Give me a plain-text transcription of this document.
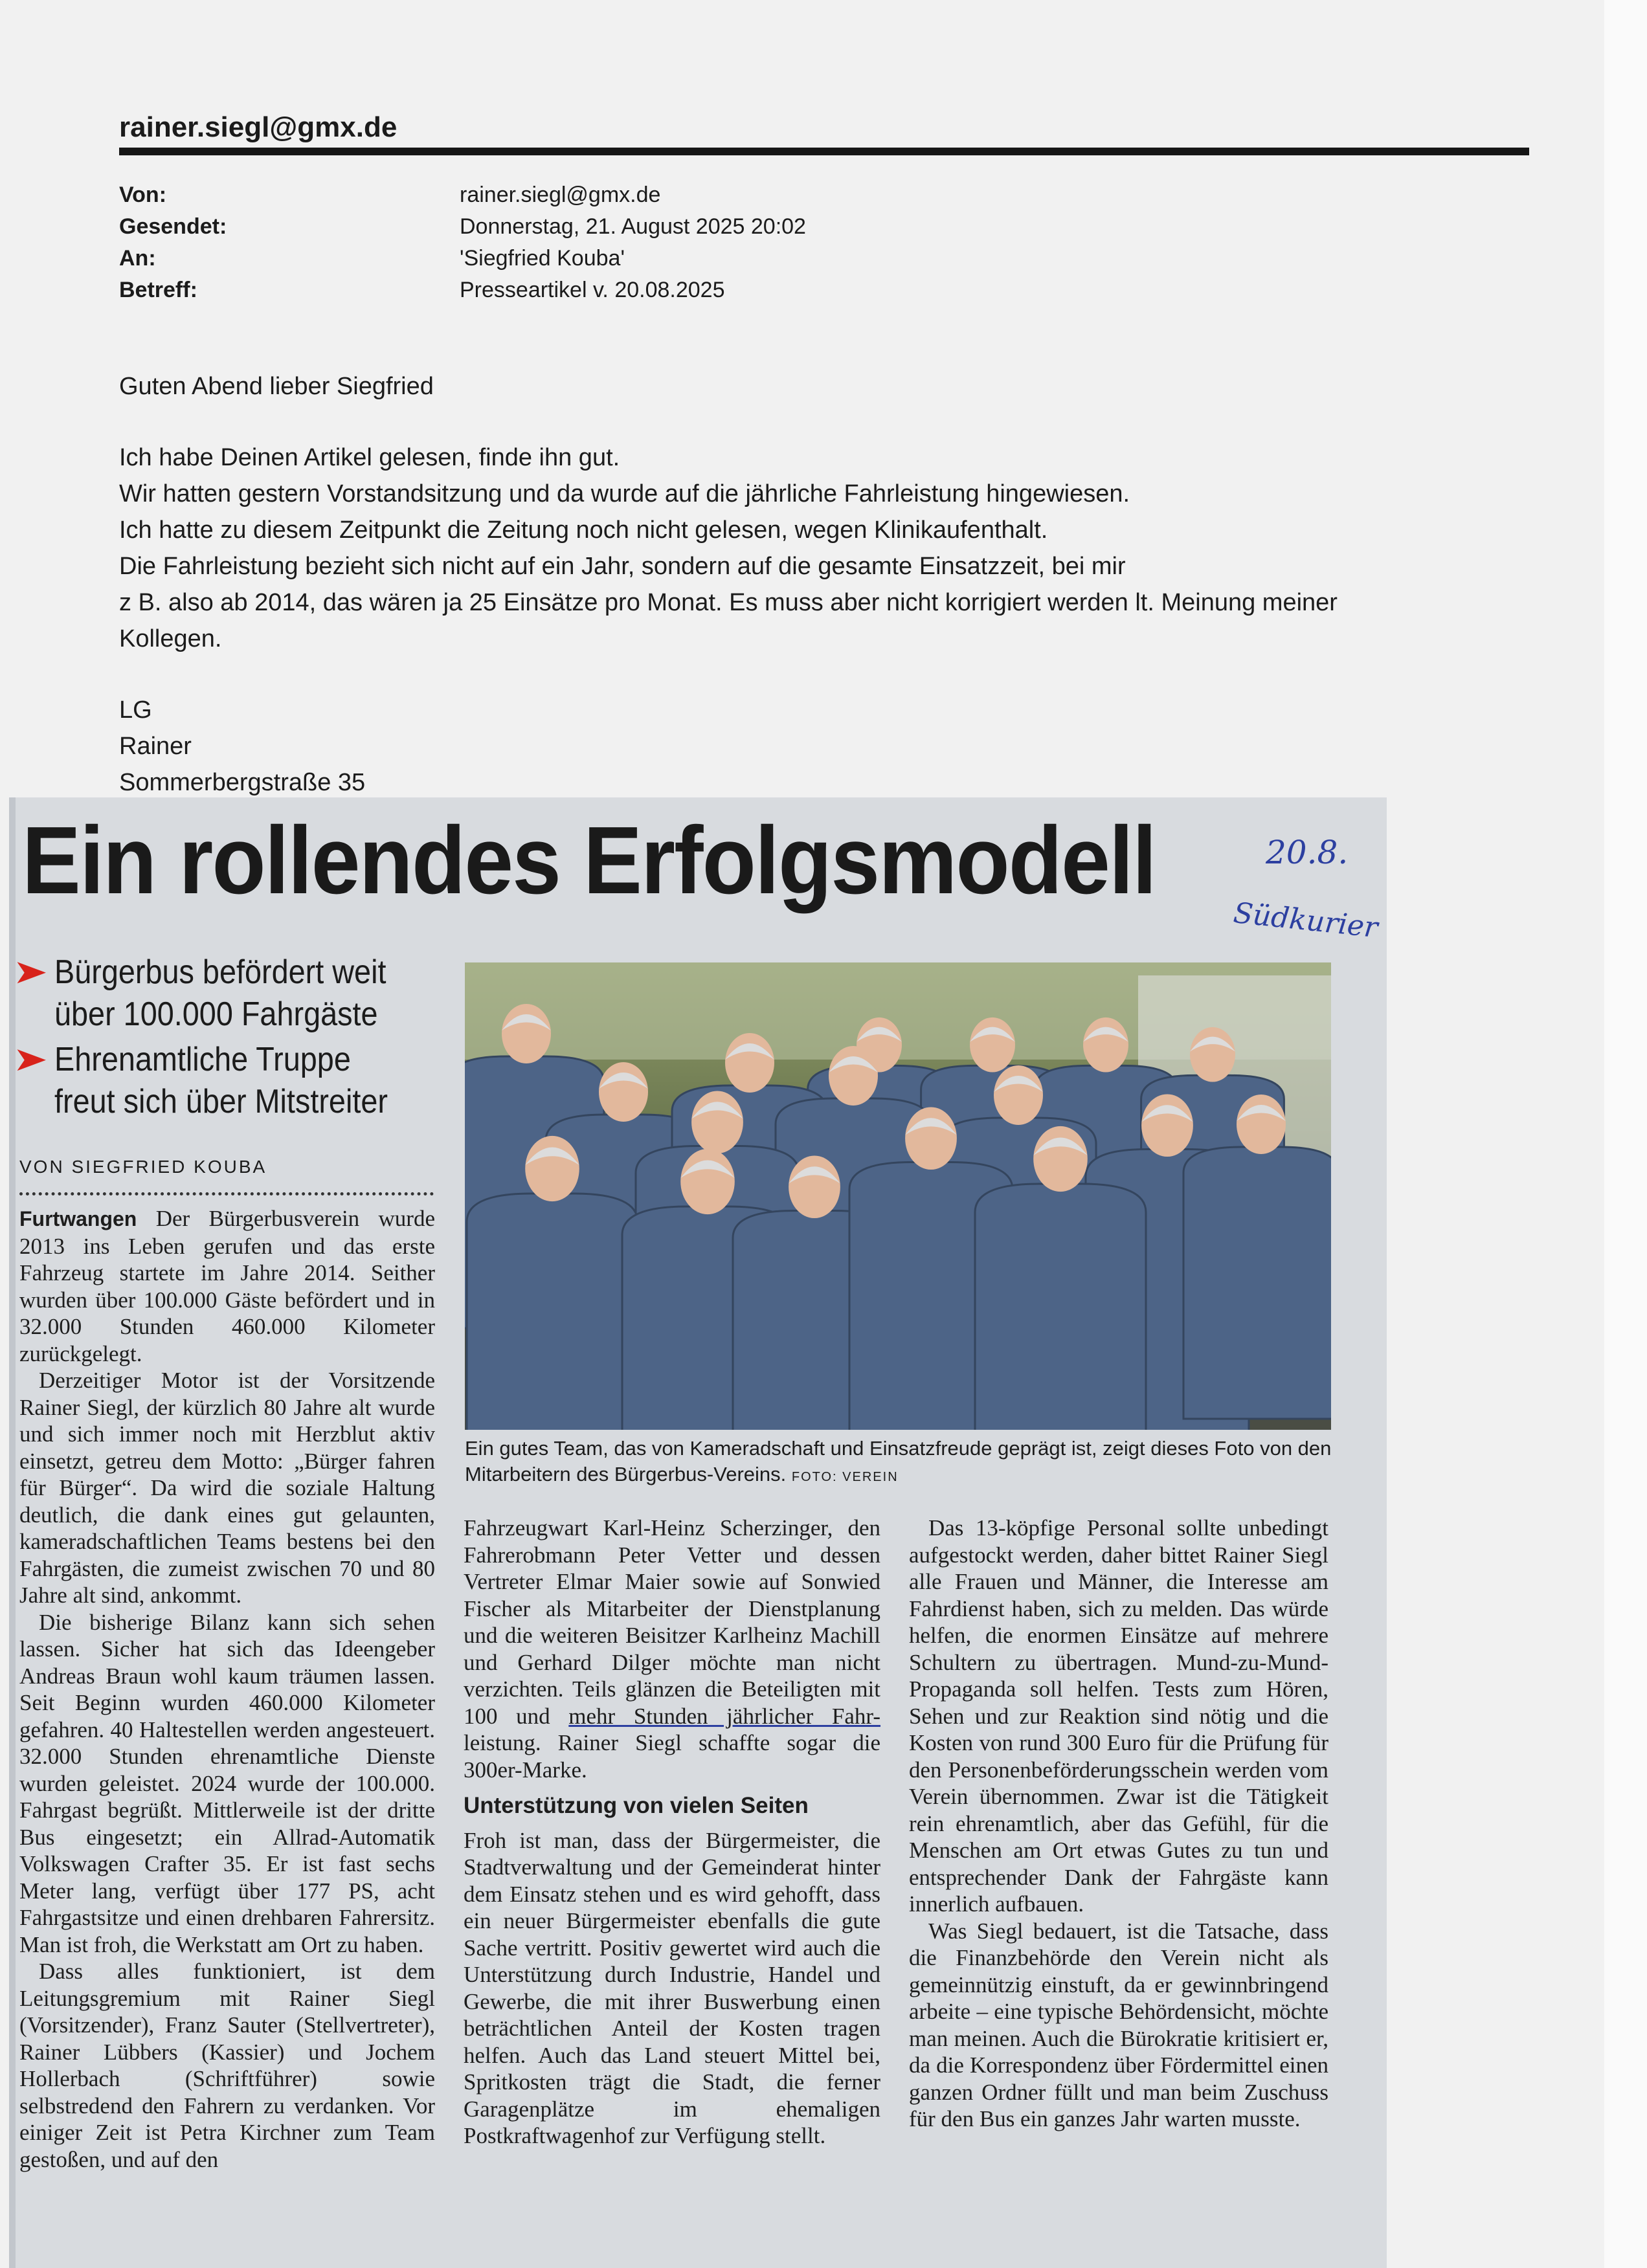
rainer.siegl@gmx.de
Von:	rainer.siegl@gmx.de
Gesendet:	Donnerstag, 21. August 2025 20:02
An:	'Siegfried Kouba'
Betreff:	Presseartikel v. 20.08.2025
Guten Abend lieber Siegfried
Ich habe Deinen Artikel gelesen, finde ihn gut.
Wir hatten gestern Vorstandsitzung und da wurde auf die jährliche Fahrleistung hingewiesen.
Ich hatte zu diesem Zeitpunkt die Zeitung noch nicht gelesen, wegen Klinikaufenthalt.
Die Fahrleistung bezieht sich nicht auf ein Jahr, sondern auf die gesamte Einsatzzeit, bei mir
z B. also ab 2014, das wären ja 25 Einsätze pro Monat. Es muss aber nicht korrigiert werden lt. Meinung meiner
Kollegen.
LG
Rainer
Sommerbergstraße 35
Ein rollendes Erfolgsmodell	20.8.
Südkurier
➤ Bürgerbus befördert weit
über 100.000 Fahrgäste
➤ Ehrenamtliche Truppe
freut sich über Mitstreiter
VON SIEGFRIED KOUBA

Furtwangen Der Bürgerbusverein wurde 2013 ins Leben gerufen und das erste Fahrzeug startete im Jahre 2014. Seither wurden über 100.000 Gäste befördert und in 32.000 Stunden 460.000 Kilometer zurückgelegt.

Derzeitiger Motor ist der Vorsitzende Rainer Siegl, der kürzlich 80 Jahre alt wurde und sich immer noch mit Herzblut aktiv einsetzt, getreu dem Motto: „Bürger fahren für Bürger“. Da wird die soziale Haltung deutlich, die dank eines gut gelaunten, kameradschaftlichen Teams bestens bei den Fahrgästen, die zumeist zwischen 70 und 80 Jahre alt sind, ankommt.

Die bisherige Bilanz kann sich sehen lassen. Sicher hat sich das Ideengeber Andreas Braun wohl kaum träumen lassen. Seit Beginn wurden 460.000 Kilometer gefahren. 40 Haltestellen werden angesteuert. 32.000 Stunden ehrenamtliche Dienste wurden geleistet. 2024 wurde der 100.000. Fahrgast begrüßt. Mittlerweile ist der dritte Bus eingesetzt; ein Allrad-Automatik Volkswagen Crafter 35. Er ist fast sechs Meter lang, verfügt über 177 PS, acht Fahrgastsitze und einen drehbaren Fahrersitz. Man ist froh, die Werkstatt am Ort zu haben.

Dass alles funktioniert, ist dem Leitungsgremium mit Rainer Siegl (Vorsitzender), Franz Sauter (Stellvertreter), Rainer Lübbers (Kassier) und Jochem Hollerbach (Schriftführer) sowie selbstredend den Fahrern zu verdanken. Vor einiger Zeit ist Petra Kirchner zum Team gestoßen, und auf den

Ein gutes Team, das von Kameradschaft und Einsatzfreude geprägt ist, zeigt dieses Foto von den Mitarbeitern des Bürgerbus-Vereins. FOTO: VEREIN

Fahrzeugwart Karl-Heinz Scherzinger, den Fahrerobmann Peter Vetter und dessen Vertreter Elmar Maier sowie auf Sonwied Fischer als Mitarbeiter der Dienstplanung und die weiteren Beisitzer Karlheinz Machill und Gerhard Dilger möchte man nicht verzichten. Teils glänzen die Beteiligten mit 100 und mehr Stunden jährlicher Fahr-leistung. Rainer Siegl schaffte sogar die 300er-Marke.

Unterstützung von vielen Seiten

Froh ist man, dass der Bürgermeister, die Stadtverwaltung und der Gemeinderat hinter dem Einsatz stehen und es wird gehofft, dass ein neuer Bürgermeister ebenfalls die gute Sache vertritt. Positiv gewertet wird auch die Unterstützung durch Industrie, Handel und Gewerbe, die mit ihrer Buswerbung einen beträchtlichen Anteil der Kosten tragen helfen. Auch das Land steuert Mittel bei, Spritkosten trägt die Stadt, die ferner Garagenplätze im ehemaligen Postkraftwagenhof zur Verfügung stellt.

Das 13-köpfige Personal sollte unbedingt aufgestockt werden, daher bittet Rainer Siegl alle Frauen und Männer, die Interesse am Fahrdienst haben, sich zu melden. Das würde helfen, die enormen Einsätze auf mehrere Schultern zu übertragen. Mund-zu-Mund-Propaganda soll helfen. Tests zum Hören, Sehen und zur Reaktion sind nötig und die Kosten von rund 300 Euro für die Prüfung für den Personenbeförderungsschein werden vom Verein übernommen. Zwar ist die Tätigkeit rein ehrenamtlich, aber das Gefühl, für die Menschen am Ort etwas Gutes zu tun und entsprechender Dank der Fahrgäste kann innerlich aufbauen.

Was Siegl bedauert, ist die Tatsache, dass die Finanzbehörde den Verein nicht als gemeinnützig einstuft, da er gewinnbringend arbeite – eine typische Behördensicht, möchte man meinen. Auch die Bürokratie kritisiert er, da die Korrespondenz über Fördermittel einen ganzen Ordner füllt und man beim Zuschuss für den Bus ein ganzes Jahr warten musste.
